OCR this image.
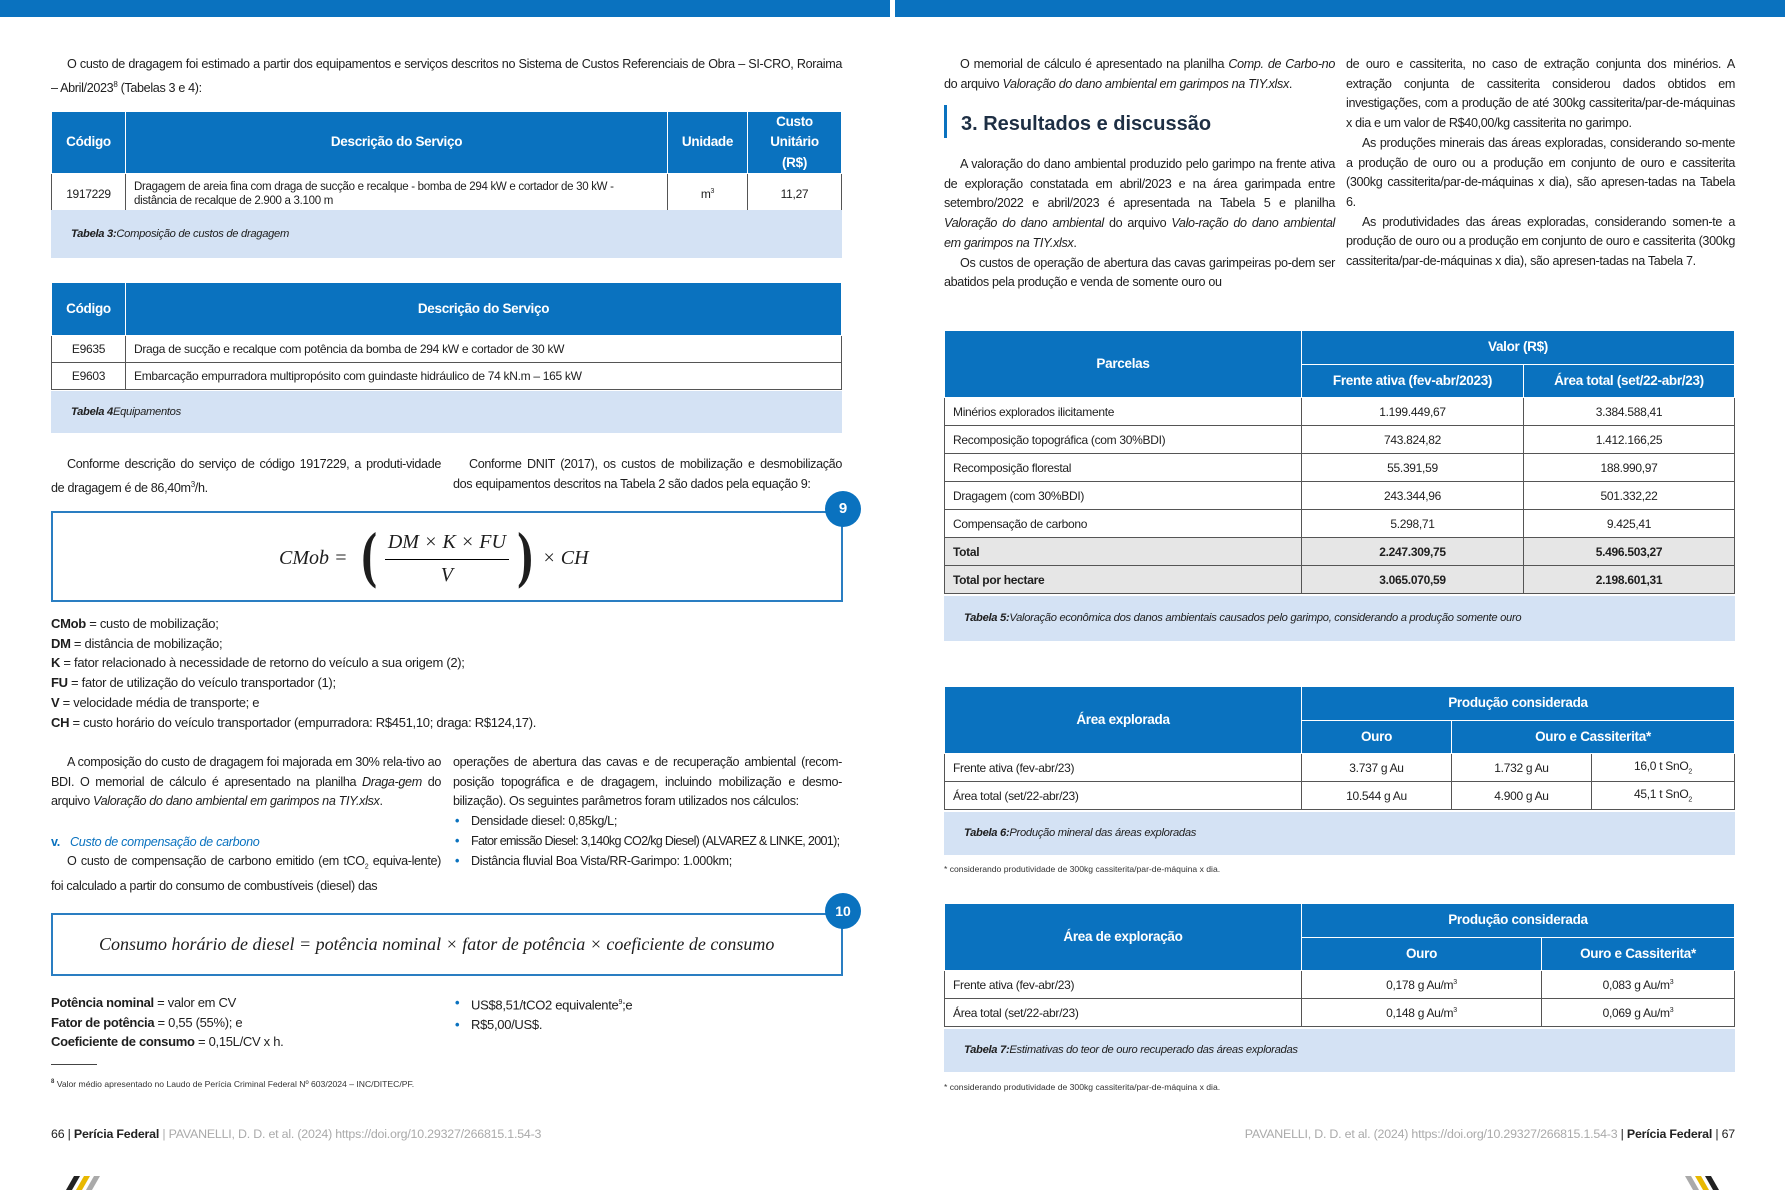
O custo de dragagem foi estimado a partir dos equipamentos e serviços descritos no Sistema de Custos Referenciais de Obra – SI-CRO, Roraima – Abril/2023$^8$ (Tabelas 3 e 4):

Código	Descrição do Serviço	Unidade	Custo Unitário (R$)
1917229	Dragagem de areia fina com draga de sucção e recalque - bomba de 294 kW e cortador de 30 kW - distância de recalque de 2.900 a 3.100 m	$m^3$	11,27
Tabela 3: Composição de custos de dragagem
Código	Descrição do Serviço
E9635	Draga de sucção e recalque com potência da bomba de 294 kW e cortador de 30 kW
E9603	Embarcação empurradora multipropósito com guindaste hidráulico de 74 kN.m – 165 kW
Tabela 4 Equipamentos

Conforme descrição do serviço de código 1917229, a produti-vidade de dragagem é de $86,40m^3/h$.

Conforme DNIT (2017), os custos de mobilização e desmobilização dos equipamentos descritos na Tabela 2 são dados pela equação 9:

CMob = ( $\frac{DM \times K \times FU}{V}$ ) × CH
9
CMob = custo de mobilização;
DM = distância de mobilização;
K = fator relacionado à necessidade de retorno do veículo a sua origem (2);
FU = fator de utilização do veículo transportador (1);
V = velocidade média de transporte; e
CH = custo horário do veículo transportador (empurradora: R$451,10; draga: R$124,17).

A composição do custo de dragagem foi majorada em 30% rela-tivo ao BDI. O memorial de cálculo é apresentado na planilha Draga-gem do arquivo Valoração do dano ambiental em garimpos na TIY.xlsx.

v. Custo de compensação de carbono

O custo de compensação de carbono emitido (em tCO$_2$ equiva-lente) foi calculado a partir do consumo de combustíveis (diesel) das

operações de abertura das cavas e de recuperação ambiental (recom-posição topográfica e de dragagem, incluindo mobilização e desmo-bilização). Os seguintes parâmetros foram utilizados nos cálculos:
• Densidade diesel: 0,85kg/L;
• Fator emissão Diesel: 3,140kg CO2/kg Diesel) (ALVAREZ & LINKE, 2001);
• Distância fluvial Boa Vista/RR-Garimpo: 1.000km;
Consumo horário de diesel = potência nominal × fator de potência × coeficiente de consumo
10
Potência nominal = valor em CV
Fator de potência = 0,55 (55%); e
Coeficiente de consumo = 0,15L/CV x h.
• US$8,51/tCO2 equivalente$^9$;e
• R$5,00/US$.
$^8$ Valor médio apresentado no Laudo de Perícia Criminal Federal Nº 603/2024 – INC/DITEC/PF.
66 | Perícia Federal | PAVANELLI, D. D. et al. (2024) https://doi.org/10.29327/266815.1.54-3

O memorial de cálculo é apresentado na planilha Comp. de Carbo-no do arquivo Valoração do dano ambiental em garimpos na TIY.xlsx.

3. Resultados e discussão

A valoração do dano ambiental produzido pelo garimpo na frente ativa de exploração constatada em abril/2023 e na área garimpada entre setembro/2022 e abril/2023 é apresentada na Tabela 5 e planilha Valoração do dano ambiental do arquivo Valo-ração do dano ambiental em garimpos na TIY.xlsx.

Os custos de operação de abertura das cavas garimpeiras po-dem ser abatidos pela produção e venda de somente ouro ou

de ouro e cassiterita, no caso de extração conjunta dos minérios. A extração conjunta de cassiterita considerou dados obtidos em investigações, com a produção de até 300kg cassiterita/par-de-máquinas x dia e um valor de R$40,00/kg cassiterita no garimpo.

As produções minerais das áreas exploradas, considerando so-mente a produção de ouro ou a produção em conjunto de ouro e cassiterita (300kg cassiterita/par-de-máquinas x dia), são apresen-tadas na Tabela 6.

As produtividades das áreas exploradas, considerando somen-te a produção de ouro ou a produção em conjunto de ouro e cassiterita (300kg cassiterita/par-de-máquinas x dia), são apresen-tadas na Tabela 7.

Parcelas	Valor (R$)	
	Frente ativa (fev-abr/2023)	Área total (set/22-abr/23)
Minérios explorados ilicitamente	1.199.449,67	3.384.588,41
Recomposição topográfica (com 30%BDI)	743.824,82	1.412.166,25
Recomposição florestal	55.391,59	188.990,97
Dragagem (com 30%BDI)	243.344,96	501.332,22
Compensação de carbono	5.298,71	9.425,41
Total	2.247.309,75	5.496.503,27
Total por hectare	3.065.070,59	2.198.601,31
Tabela 5: Valoração econômica dos danos ambientais causados pelo garimpo, considerando a produção somente ouro
Área explorada	Produção considerada		
	Ouro	Ouro e Cassiterita*	
Frente ativa (fev-abr/23)	3.737 g Au	1.732 g Au	16,0 t SnO$_2$
Área total (set/22-abr/23)	10.544 g Au	4.900 g Au	45,1 t SnO$_2$
Tabela 6: Produção mineral das áreas exploradas
* considerando produtividade de 300kg cassiterita/par-de-máquina x dia.
Área de exploração	Produção considerada	
	Ouro	Ouro e Cassiterita*
Frente ativa (fev-abr/23)	0,178 g $Au/m^3$	0,083 g $Au/m^3$
Área total (set/22-abr/23)	0,148 g $Au/m^3$	0,069 g $Au/m^3$
Tabela 7: Estimativas do teor de ouro recuperado das áreas exploradas
* considerando produtividade de 300kg cassiterita/par-de-máquina x dia.
PAVANELLI, D. D. et al. (2024) https://doi.org/10.29327/266815.1.54-3 | Perícia Federal | 67
